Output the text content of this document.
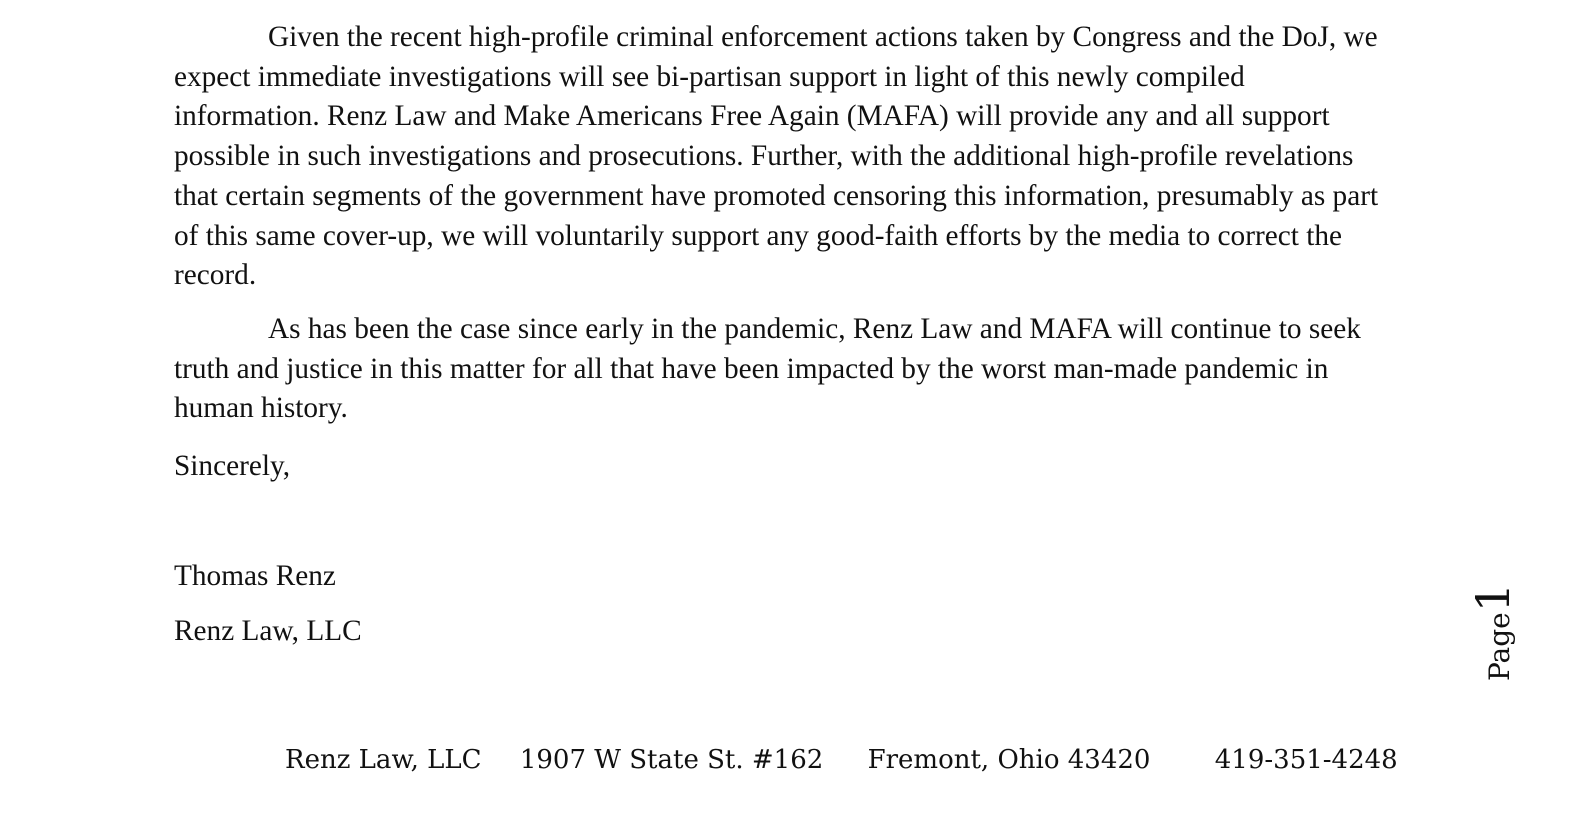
Given the recent high-profile criminal enforcement actions taken by Congress and the DoJ, we expect immediate investigations will see bi-partisan support in light of this newly compiled information. Renz Law and Make Americans Free Again (MAFA) will provide any and all support possible in such investigations and prosecutions. Further, with the additional high-profile revelations that certain segments of the government have promoted censoring this information, presumably as part of this same cover-up, we will voluntarily support any good-faith efforts by the media to correct the record.

As has been the case since early in the pandemic, Renz Law and MAFA will continue to seek truth and justice in this matter for all that have been impacted by the worst man-made pandemic in human history.

Sincerely,
Thomas Renz
Renz Law, LLC	Page1
Renz Law, LLC 1907 W State St. #162 Fremont, Ohio 43420 419-351-4248
